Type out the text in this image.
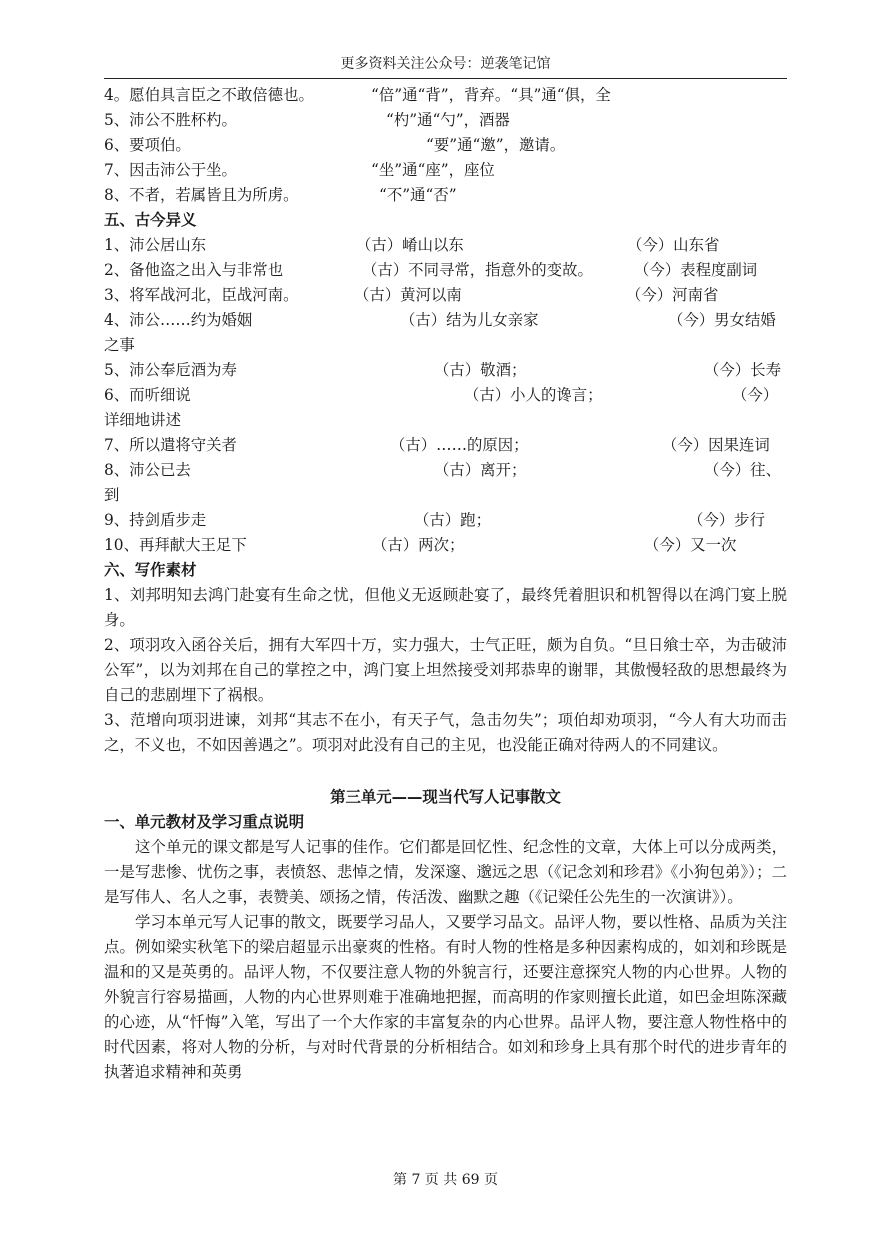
更多资料关注公众号：逆袭笔记馆
4。愿伯具言臣之不敢倍德也。	“倍”通“背”，背弃。“具”通“俱，全
5、沛公不胜杯杓。	“杓”通“勺”，酒器
6、要项伯。	“要”通“邀”，邀请。
7、因击沛公于坐。	“坐”通“座”，座位
8、不者，若属皆且为所虏。	“不”通“否”
五、古今异义
1、沛公居山东	（古）崤山以东	（今）山东省
2、备他盗之出入与非常也	（古）不同寻常，指意外的变故。	（今）表程度副词
3、将军战河北，臣战河南。	（古）黄河以南	（今）河南省
4、沛公……约为婚姻	（古）结为儿女亲家	（今）男女结婚
之事
5、沛公奉卮酒为寿	（古）敬酒；	（今）长寿
6、而听细说	（古）小人的谗言；	（今）
详细地讲述
7、所以遣将守关者	（古）……的原因；	（今）因果连词
8、沛公已去	（古）离开；	（今）往、
到
9、持剑盾步走	（古）跑；	（今）步行
10、再拜献大王足下	（古）两次；	（今）又一次
六、写作素材

1、刘邦明知去鸿门赴宴有生命之忧，但他义无返顾赴宴了，最终凭着胆识和机智得以在鸿门宴上脱身。

2、项羽攻入函谷关后，拥有大军四十万，实力强大，士气正旺，颇为自负。“旦日飨士卒，为击破沛公军”，以为刘邦在自己的掌控之中，鸿门宴上坦然接受刘邦恭卑的谢罪，其傲慢轻敌的思想最终为自己的悲剧埋下了祸根。

3、范增向项羽进谏，刘邦“其志不在小，有天子气，急击勿失”；项伯却劝项羽，“今人有大功而击之，不义也，不如因善遇之”。项羽对此没有自己的主见，也没能正确对待两人的不同建议。

第三单元——现当代写人记事散文
一、单元教材及学习重点说明

这个单元的课文都是写人记事的佳作。它们都是回忆性、纪念性的文章，大体上可以分成两类，一是写悲惨、忧伤之事，表愤怒、悲悼之情，发深邃、邈远之思（《记念刘和珍君》《小狗包弟》）；二是写伟人、名人之事，表赞美、颂扬之情，传活泼、幽默之趣（《记梁任公先生的一次演讲》）。

学习本单元写人记事的散文，既要学习品人，又要学习品文。品评人物，要以性格、品质为关注点。例如梁实秋笔下的梁启超显示出豪爽的性格。有时人物的性格是多种因素构成的，如刘和珍既是温和的又是英勇的。品评人物，不仅要注意人物的外貌言行，还要注意探究人物的内心世界。人物的外貌言行容易描画，人物的内心世界则难于准确地把握，而高明的作家则擅长此道，如巴金坦陈深藏的心迹，从“忏悔”入笔，写出了一个大作家的丰富复杂的内心世界。品评人物，要注意人物性格中的时代因素，将对人物的分析，与对时代背景的分析相结合。如刘和珍身上具有那个时代的进步青年的执著追求精神和英勇

第 7 页 共 69 页
